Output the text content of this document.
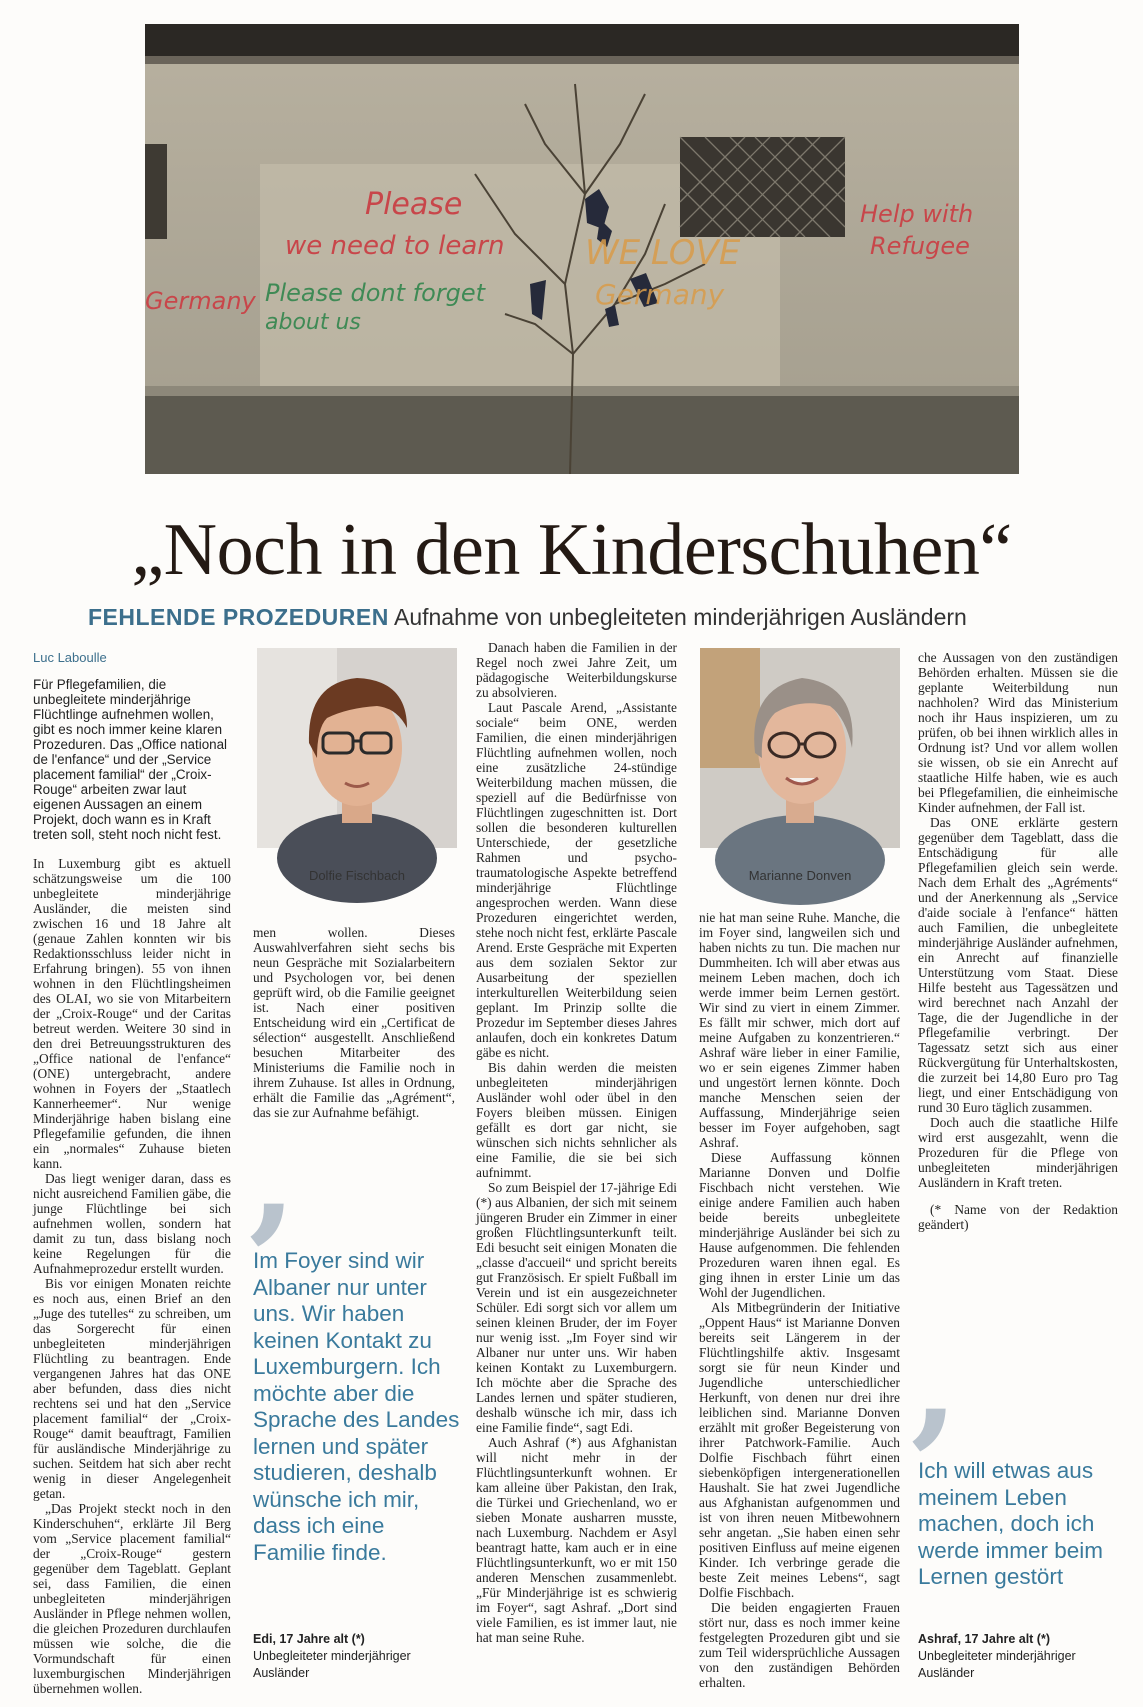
Please
we need to learn
Germany Please dont forget
about us
WE LOVE
Germany
Help with
Refugee
„Noch in den Kinderschuhen“
FEHLENDE PROZEDUREN Aufnahme von unbegleiteten minderjährigen Ausländern
Luc Laboulle
Für Pflegefamilien, die unbegleitete minderjährige Flüchtlinge aufnehmen wollen, gibt es noch immer keine klaren Prozeduren. Das „Office national de l'enfance“ und der „Service placement familial“ der „Croix-Rouge“ arbeiten zwar laut eigenen Aussagen an einem Projekt, doch wann es in Kraft treten soll, steht noch nicht fest.

In Luxemburg gibt es aktuell schätzungsweise um die 100 unbegleitete minderjährige Ausländer, die meisten sind zwischen 16 und 18 Jahre alt (genaue Zahlen konnten wir bis Redaktionsschluss leider nicht in Erfahrung bringen). 55 von ihnen wohnen in den Flüchtlingsheimen des OLAI, wo sie von Mitarbeitern der „Croix-Rouge“ und der Caritas betreut werden. Weitere 30 sind in den drei Betreuungsstrukturen des „Office national de l'enfance“ (ONE) untergebracht, andere wohnen in Foyers der „Staatlech Kannerheemer“. Nur wenige Minderjährige haben bislang eine Pflegefamilie gefunden, die ihnen ein „normales“ Zuhause bieten kann.

Das liegt weniger daran, dass es nicht ausreichend Familien gäbe, die junge Flüchtlinge bei sich aufnehmen wollen, sondern hat damit zu tun, dass bislang noch keine Regelungen für die Aufnahmeprozedur erstellt wurden.

Bis vor einigen Monaten reichte es noch aus, einen Brief an den „Juge des tutelles“ zu schreiben, um das Sorgerecht für einen unbegleiteten minderjährigen Flüchtling zu beantragen. Ende vergangenen Jahres hat das ONE aber befunden, dass dies nicht rechtens sei und hat den „Service placement familial“ der „Croix-Rouge“ damit beauftragt, Familien für ausländische Minderjährige zu suchen. Seitdem hat sich aber recht wenig in dieser Angelegenheit getan.

„Das Projekt steckt noch in den Kinderschuhen“, erklärte Jil Berg vom „Service placement familial“ der „Croix-Rouge“ gestern gegenüber dem Tageblatt. Geplant sei, dass Familien, die einen unbegleiteten minderjährigen Ausländer in Pflege nehmen wollen, die gleichen Prozeduren durchlaufen müssen wie solche, die die Vormundschaft für einen luxemburgischen Minderjährigen übernehmen wollen.

Dolfie Fischbach

men wollen. Dieses Auswahlverfahren sieht sechs bis neun Gespräche mit Sozialarbeitern und Psychologen vor, bei denen geprüft wird, ob die Familie geeignet ist. Nach einer positiven Entscheidung wird ein „Certificat de sélection“ ausgestellt. Anschließend besuchen Mitarbeiter des Ministeriums die Familie noch in ihrem Zuhause. Ist alles in Ordnung, erhält die Familie das „Agrément“, das sie zur Aufnahme befähigt.

‚
Im Foyer sind wir Albaner nur unter uns. Wir haben keinen Kontakt zu Luxemburgern. Ich möchte aber die Sprache des Landes lernen und später studieren, deshalb wünsche ich mir, dass ich eine Familie finde.
Edi, 17 Jahre alt (*)
Unbegleiteter minderjähriger Ausländer

Danach haben die Familien in der Regel noch zwei Jahre Zeit, um pädagogische Weiterbildungskurse zu absolvieren.

Laut Pascale Arend, „Assistante sociale“ beim ONE, werden Familien, die einen minderjährigen Flüchtling aufnehmen wollen, noch eine zusätzliche 24-stündige Weiterbildung machen müssen, die speziell auf die Bedürfnisse von Flüchtlingen zugeschnitten ist. Dort sollen die besonderen kulturellen Unterschiede, der gesetzliche Rahmen und psycho-traumatologische Aspekte betreffend minderjährige Flüchtlinge angesprochen werden. Wann diese Prozeduren eingerichtet werden, stehe noch nicht fest, erklärte Pascale Arend. Erste Gespräche mit Experten aus dem sozialen Sektor zur Ausarbeitung der speziellen interkulturellen Weiterbildung seien geplant. Im Prinzip sollte die Prozedur im September dieses Jahres anlaufen, doch ein konkretes Datum gäbe es nicht.

Bis dahin werden die meisten unbegleiteten minderjährigen Ausländer wohl oder übel in den Foyers bleiben müssen. Einigen gefällt es dort gar nicht, sie wünschen sich nichts sehnlicher als eine Familie, die sie bei sich aufnimmt.

So zum Beispiel der 17-jährige Edi (*) aus Albanien, der sich mit seinem jüngeren Bruder ein Zimmer in einer großen Flüchtlingsunterkunft teilt. Edi besucht seit einigen Monaten die „classe d'accueil“ und spricht bereits gut Französisch. Er spielt Fußball im Verein und ist ein ausgezeichneter Schüler. Edi sorgt sich vor allem um seinen kleinen Bruder, der im Foyer nur wenig isst. „Im Foyer sind wir Albaner nur unter uns. Wir haben keinen Kontakt zu Luxemburgern. Ich möchte aber die Sprache des Landes lernen und später studieren, deshalb wünsche ich mir, dass ich eine Familie finde“, sagt Edi.

Auch Ashraf (*) aus Afghanistan will nicht mehr in der Flüchtlingsunterkunft wohnen. Er kam alleine über Pakistan, den Irak, die Türkei und Griechenland, wo er sieben Monate ausharren musste, nach Luxemburg. Nachdem er Asyl beantragt hatte, kam auch er in eine Flüchtlingsunterkunft, wo er mit 150 anderen Menschen zusammenlebt. „Für Minderjährige ist es schwierig im Foyer“, sagt Ashraf. „Dort sind viele Familien, es ist immer laut, nie hat man seine Ruhe.

Marianne Donven

nie hat man seine Ruhe. Manche, die im Foyer sind, langweilen sich und haben nichts zu tun. Die machen nur Dummheiten. Ich will aber etwas aus meinem Leben machen, doch ich werde immer beim Lernen gestört. Wir sind zu viert in einem Zimmer. Es fällt mir schwer, mich dort auf meine Aufgaben zu konzentrieren.“ Ashraf wäre lieber in einer Familie, wo er sein eigenes Zimmer haben und ungestört lernen könnte. Doch manche Menschen seien der Auffassung, Minderjährige seien besser im Foyer aufgehoben, sagt Ashraf.

Diese Auffassung können Marianne Donven und Dolfie Fischbach nicht verstehen. Wie einige andere Familien auch haben beide bereits unbegleitete minderjährige Ausländer bei sich zu Hause aufgenommen. Die fehlenden Prozeduren waren ihnen egal. Es ging ihnen in erster Linie um das Wohl der Jugendlichen.

Als Mitbegründerin der Initiative „Oppent Haus“ ist Marianne Donven bereits seit Längerem in der Flüchtlingshilfe aktiv. Insgesamt sorgt sie für neun Kinder und Jugendliche unterschiedlicher Herkunft, von denen nur drei ihre leiblichen sind. Marianne Donven erzählt mit großer Begeisterung von ihrer Patchwork-Familie. Auch Dolfie Fischbach führt einen siebenköpfigen intergenerationellen Haushalt. Sie hat zwei Jugendliche aus Afghanistan aufgenommen und ist von ihren neuen Mitbewohnern sehr angetan. „Sie haben einen sehr positiven Einfluss auf meine eigenen Kinder. Ich verbringe gerade die beste Zeit meines Lebens“, sagt Dolfie Fischbach.

Die beiden engagierten Frauen stört nur, dass es noch immer keine festgelegten Prozeduren gibt und sie zum Teil widersprüchliche Aussagen von den zuständigen Behörden erhalten.

che Aussagen von den zuständigen Behörden erhalten. Müssen sie die geplante Weiterbildung nun nachholen? Wird das Ministerium noch ihr Haus inspizieren, um zu prüfen, ob bei ihnen wirklich alles in Ordnung ist? Und vor allem wollen sie wissen, ob sie ein Anrecht auf staatliche Hilfe haben, wie es auch bei Pflegefamilien, die einheimische Kinder aufnehmen, der Fall ist.

Das ONE erklärte gestern gegenüber dem Tageblatt, dass die Entschädigung für alle Pflegefamilien gleich sein werde. Nach dem Erhalt des „Agréments“ und der Anerkennung als „Service d'aide sociale à l'enfance“ hätten auch Familien, die unbegleitete minderjährige Ausländer aufnehmen, ein Anrecht auf finanzielle Unterstützung vom Staat. Diese Hilfe besteht aus Tagessätzen und wird berechnet nach Anzahl der Tage, die der Jugendliche in der Pflegefamilie verbringt. Der Tagessatz setzt sich aus einer Rückvergütung für Unterhaltskosten, die zurzeit bei 14,80 Euro pro Tag liegt, und einer Entschädigung von rund 30 Euro täglich zusammen.

Doch auch die staatliche Hilfe wird erst ausgezahlt, wenn die Prozeduren für die Pflege von unbegleiteten minderjährigen Ausländern in Kraft treten.

(* Name von der Redaktion geändert)

‚
Ich will etwas aus meinem Leben machen, doch ich werde immer beim Lernen gestört
Ashraf, 17 Jahre alt (*)
Unbegleiteter minderjähriger Ausländer
